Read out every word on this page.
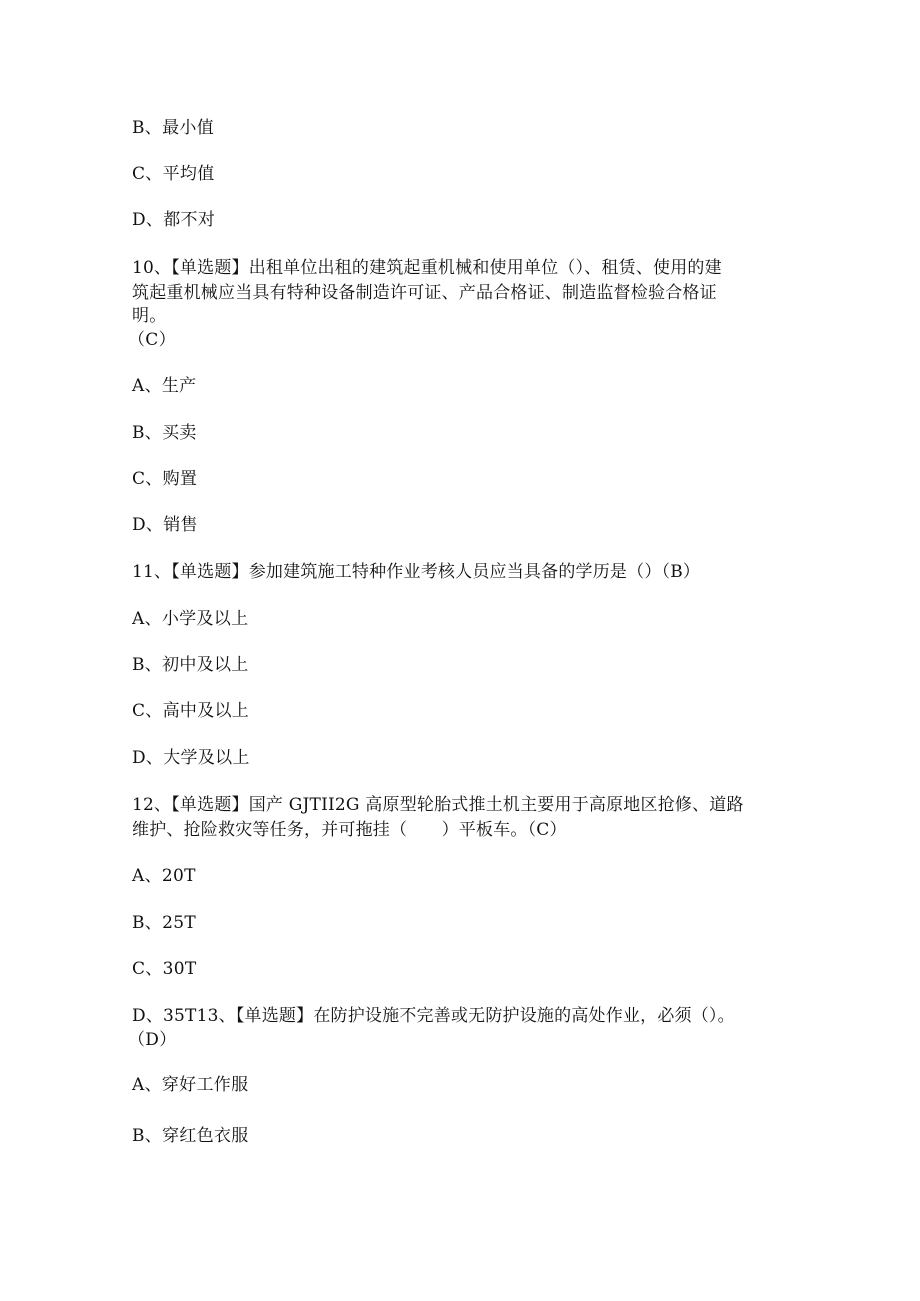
B、最小值
C、平均值
D、都不对
10、【单选题】出租单位出租的建筑起重机械和使用单位（）、租赁、使用的建
筑起重机械应当具有特种设备制造许可证、产品合格证、制造监督检验合格证
明。
（C）
A、生产
B、买卖
C、购置
D、销售
11、【单选题】参加建筑施工特种作业考核人员应当具备的学历是（）（B）
A、小学及以上
B、初中及以上
C、高中及以上
D、大学及以上
12、【单选题】国产 GJTII2G 高原型轮胎式推土机主要用于高原地区抢修、道路
维护、抢险救灾等任务，并可拖挂（　　）平板车。（C）
A、20T
B、25T
C、30T
D、35T13、【单选题】在防护设施不完善或无防护设施的高处作业，必须（）。
（D）
A、穿好工作服
B、穿红色衣服
